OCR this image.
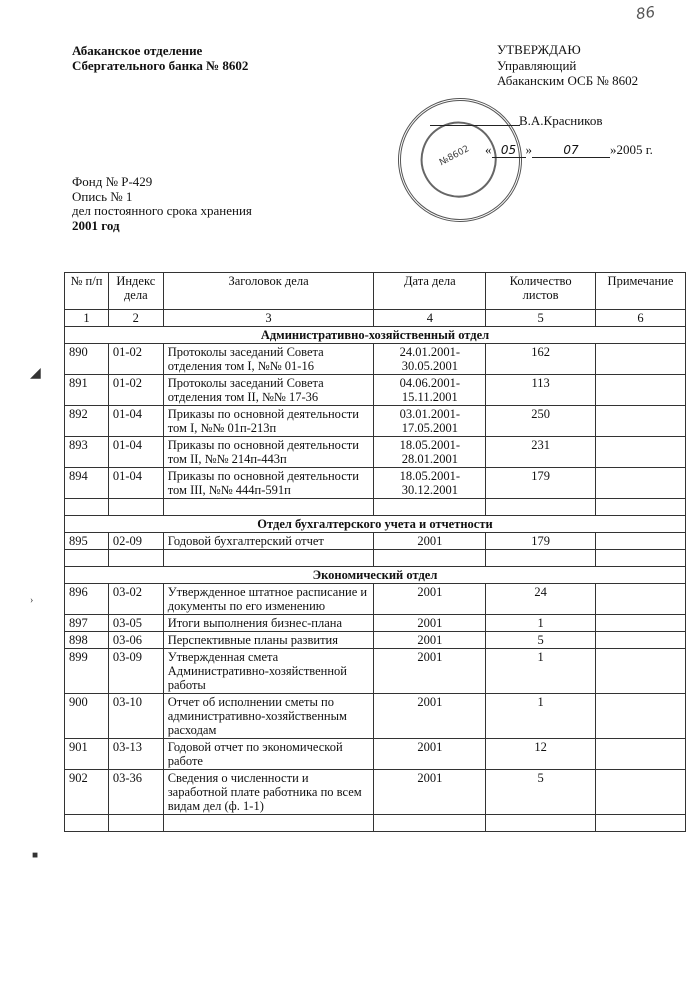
86
Абаканское отделение
Сбергательного банка № 8602
УТВЕРЖДАЮ
Управляющий
Абаканским ОСБ № 8602
№8602
В.А.Красников
« 05 »	07 »2005 г.
Фонд № Р-429
Опись № 1
дел постоянного срока хранения
2001 год
№ п/п	Индекс дела	Заголовок дела	Дата дела	Количество листов	Примечание
1	2	3	4	5	6
Административно-хозяйственный отдел					
890	01-02	Протоколы заседаний Совета отделения том I, №№ 01-16	24.01.2001-30.05.2001	162	
891	01-02	Протоколы заседаний Совета отделения том II, №№ 17-36	04.06.2001-15.11.2001	113	
892	01-04	Приказы по основной деятельности том I, №№ 01п-213п	03.01.2001-17.05.2001	250	
893	01-04	Приказы по основной деятельности том II, №№ 214п-443п	18.05.2001-28.01.2001	231	
894	01-04	Приказы по основной деятельности том III, №№ 444п-591п	18.05.2001-30.12.2001	179	

Отдел бухгалтерского учета и отчетности					
895	02-09	Годовой бухгалтерский отчет	2001	179	

Экономический отдел					
896	03-02	Утвержденное штатное расписание и документы по его изменению	2001	24	
897	03-05	Итоги выполнения бизнес-плана	2001	1	
898	03-06	Перспективные планы развития	2001	5	
899	03-09	Утвержденная смета Административно-хозяйственной работы	2001	1	
900	03-10	Отчет об исполнении сметы по административно-хозяйственным расходам	2001	1	
901	03-13	Годовой отчет по экономической работе	2001	12	
902	03-36	Сведения о численности и заработной плате работника по всем видам дел (ф. 1-1)	2001	5	

◢
›
■
